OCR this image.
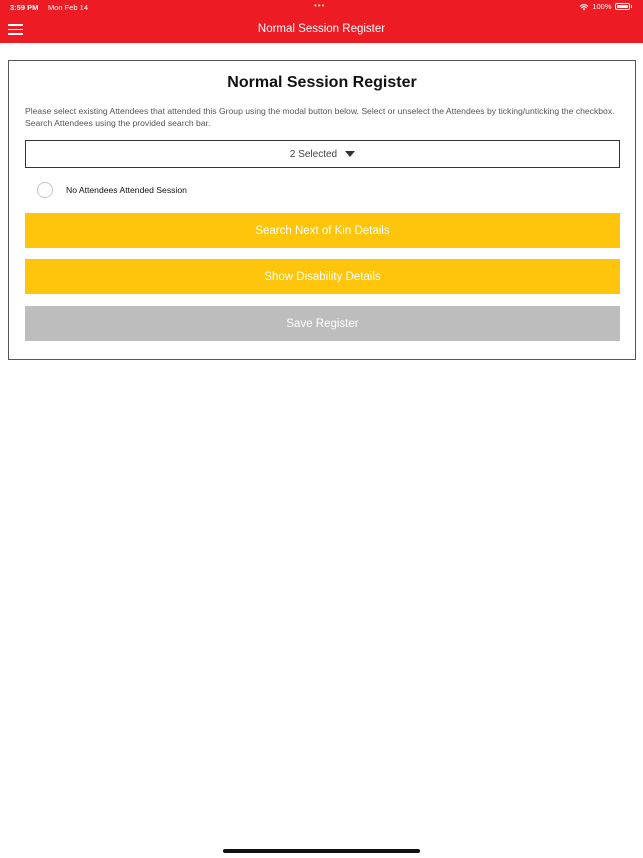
3:59 PM Mon Feb 14	•••	100%
Normal Session Register
Normal Session Register
Please select existing Attendees that attended this Group using the modal button below. Select or unselect the Attendees by ticking/unticking the checkbox. Search Attendees using the provided search bar.
2 Selected
No Attendees Attended Session
Search Next of Kin Details
Show Disability Details
Save Register
